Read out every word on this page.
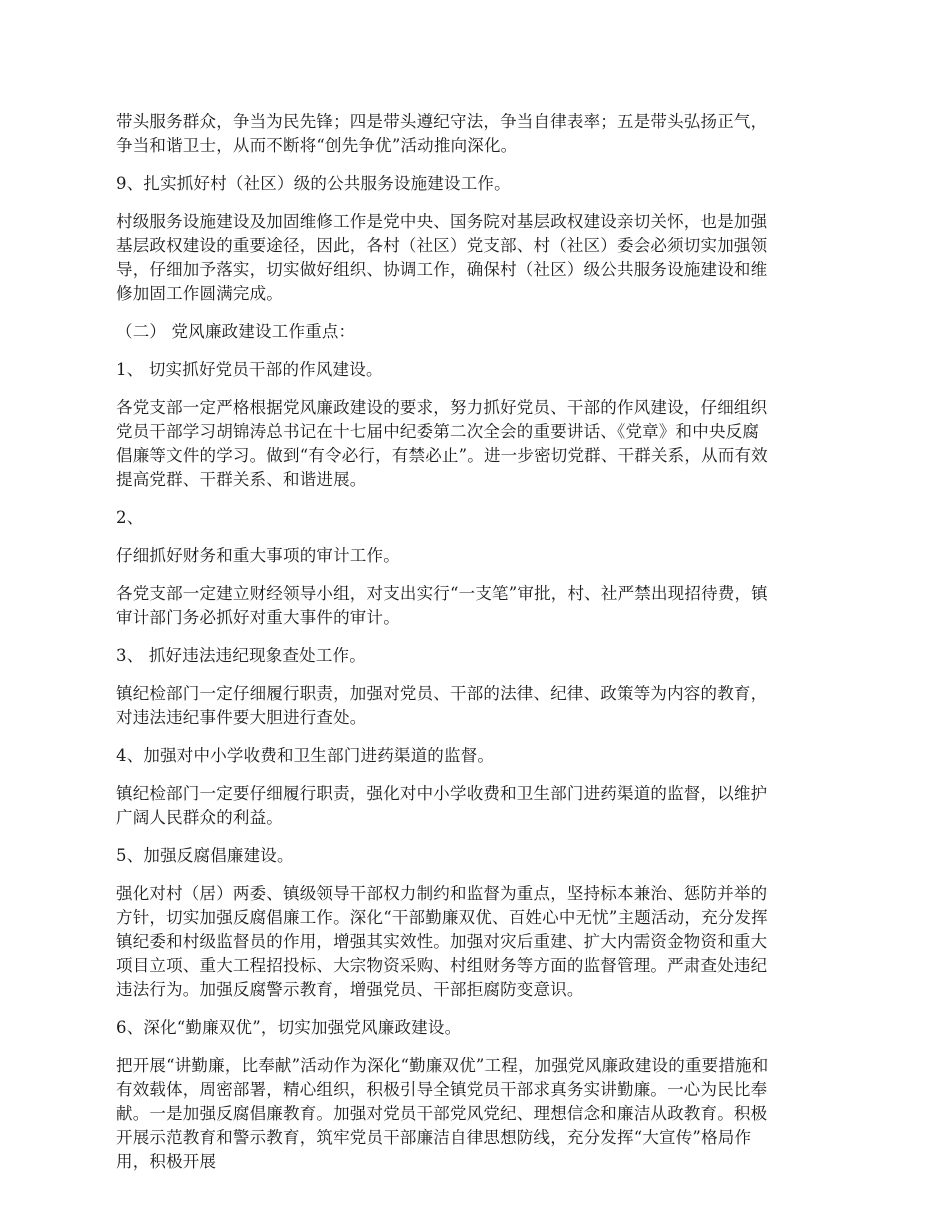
带头服务群众，争当为民先锋；四是带头遵纪守法，争当自律表率；五是带头弘扬正气，
争当和谐卫士，从而不断将“创先争优”活动推向深化。

9、扎实抓好村（社区）级的公共服务设施建设工作。

村级服务设施建设及加固维修工作是党中央、国务院对基层政权建设亲切关怀，也是加强
基层政权建设的重要途径，因此，各村（社区）党支部、村（社区）委会必须切实加强领
导，仔细加予落实，切实做好组织、协调工作，确保村（社区）级公共服务设施建设和维
修加固工作圆满完成。

（二） 党风廉政建设工作重点：

1、 切实抓好党员干部的作风建设。

各党支部一定严格根据党风廉政建设的要求，努力抓好党员、干部的作风建设，仔细组织
党员干部学习胡锦涛总书记在十七届中纪委第二次全会的重要讲话、《党章》和中央反腐
倡廉等文件的学习。做到“有令必行，有禁必止”。进一步密切党群、干群关系，从而有效
提高党群、干群关系、和谐进展。

2、

仔细抓好财务和重大事项的审计工作。

各党支部一定建立财经领导小组，对支出实行“一支笔”审批，村、社严禁出现招待费，镇
审计部门务必抓好对重大事件的审计。

3、 抓好违法违纪现象查处工作。

镇纪检部门一定仔细履行职责，加强对党员、干部的法律、纪律、政策等为内容的教育，
对违法违纪事件要大胆进行查处。

4、加强对中小学收费和卫生部门进药渠道的监督。

镇纪检部门一定要仔细履行职责，强化对中小学收费和卫生部门进药渠道的监督，以维护
广阔人民群众的利益。

5、加强反腐倡廉建设。

强化对村（居）两委、镇级领导干部权力制约和监督为重点，坚持标本兼治、惩防并举的
方针，切实加强反腐倡廉工作。深化“干部勤廉双优、百姓心中无忧”主题活动，充分发挥
镇纪委和村级监督员的作用，增强其实效性。加强对灾后重建、扩大内需资金物资和重大
项目立项、重大工程招投标、大宗物资采购、村组财务等方面的监督管理。严肃查处违纪
违法行为。加强反腐警示教育，增强党员、干部拒腐防变意识。

6、深化“勤廉双优”，切实加强党风廉政建设。

把开展“讲勤廉，比奉献”活动作为深化“勤廉双优”工程，加强党风廉政建设的重要措施和
有效载体，周密部署，精心组织，积极引导全镇党员干部求真务实讲勤廉。一心为民比奉
献。一是加强反腐倡廉教育。加强对党员干部党风党纪、理想信念和廉洁从政教育。积极
开展示范教育和警示教育，筑牢党员干部廉洁自律思想防线，充分发挥“大宣传”格局作
用，积极开展
